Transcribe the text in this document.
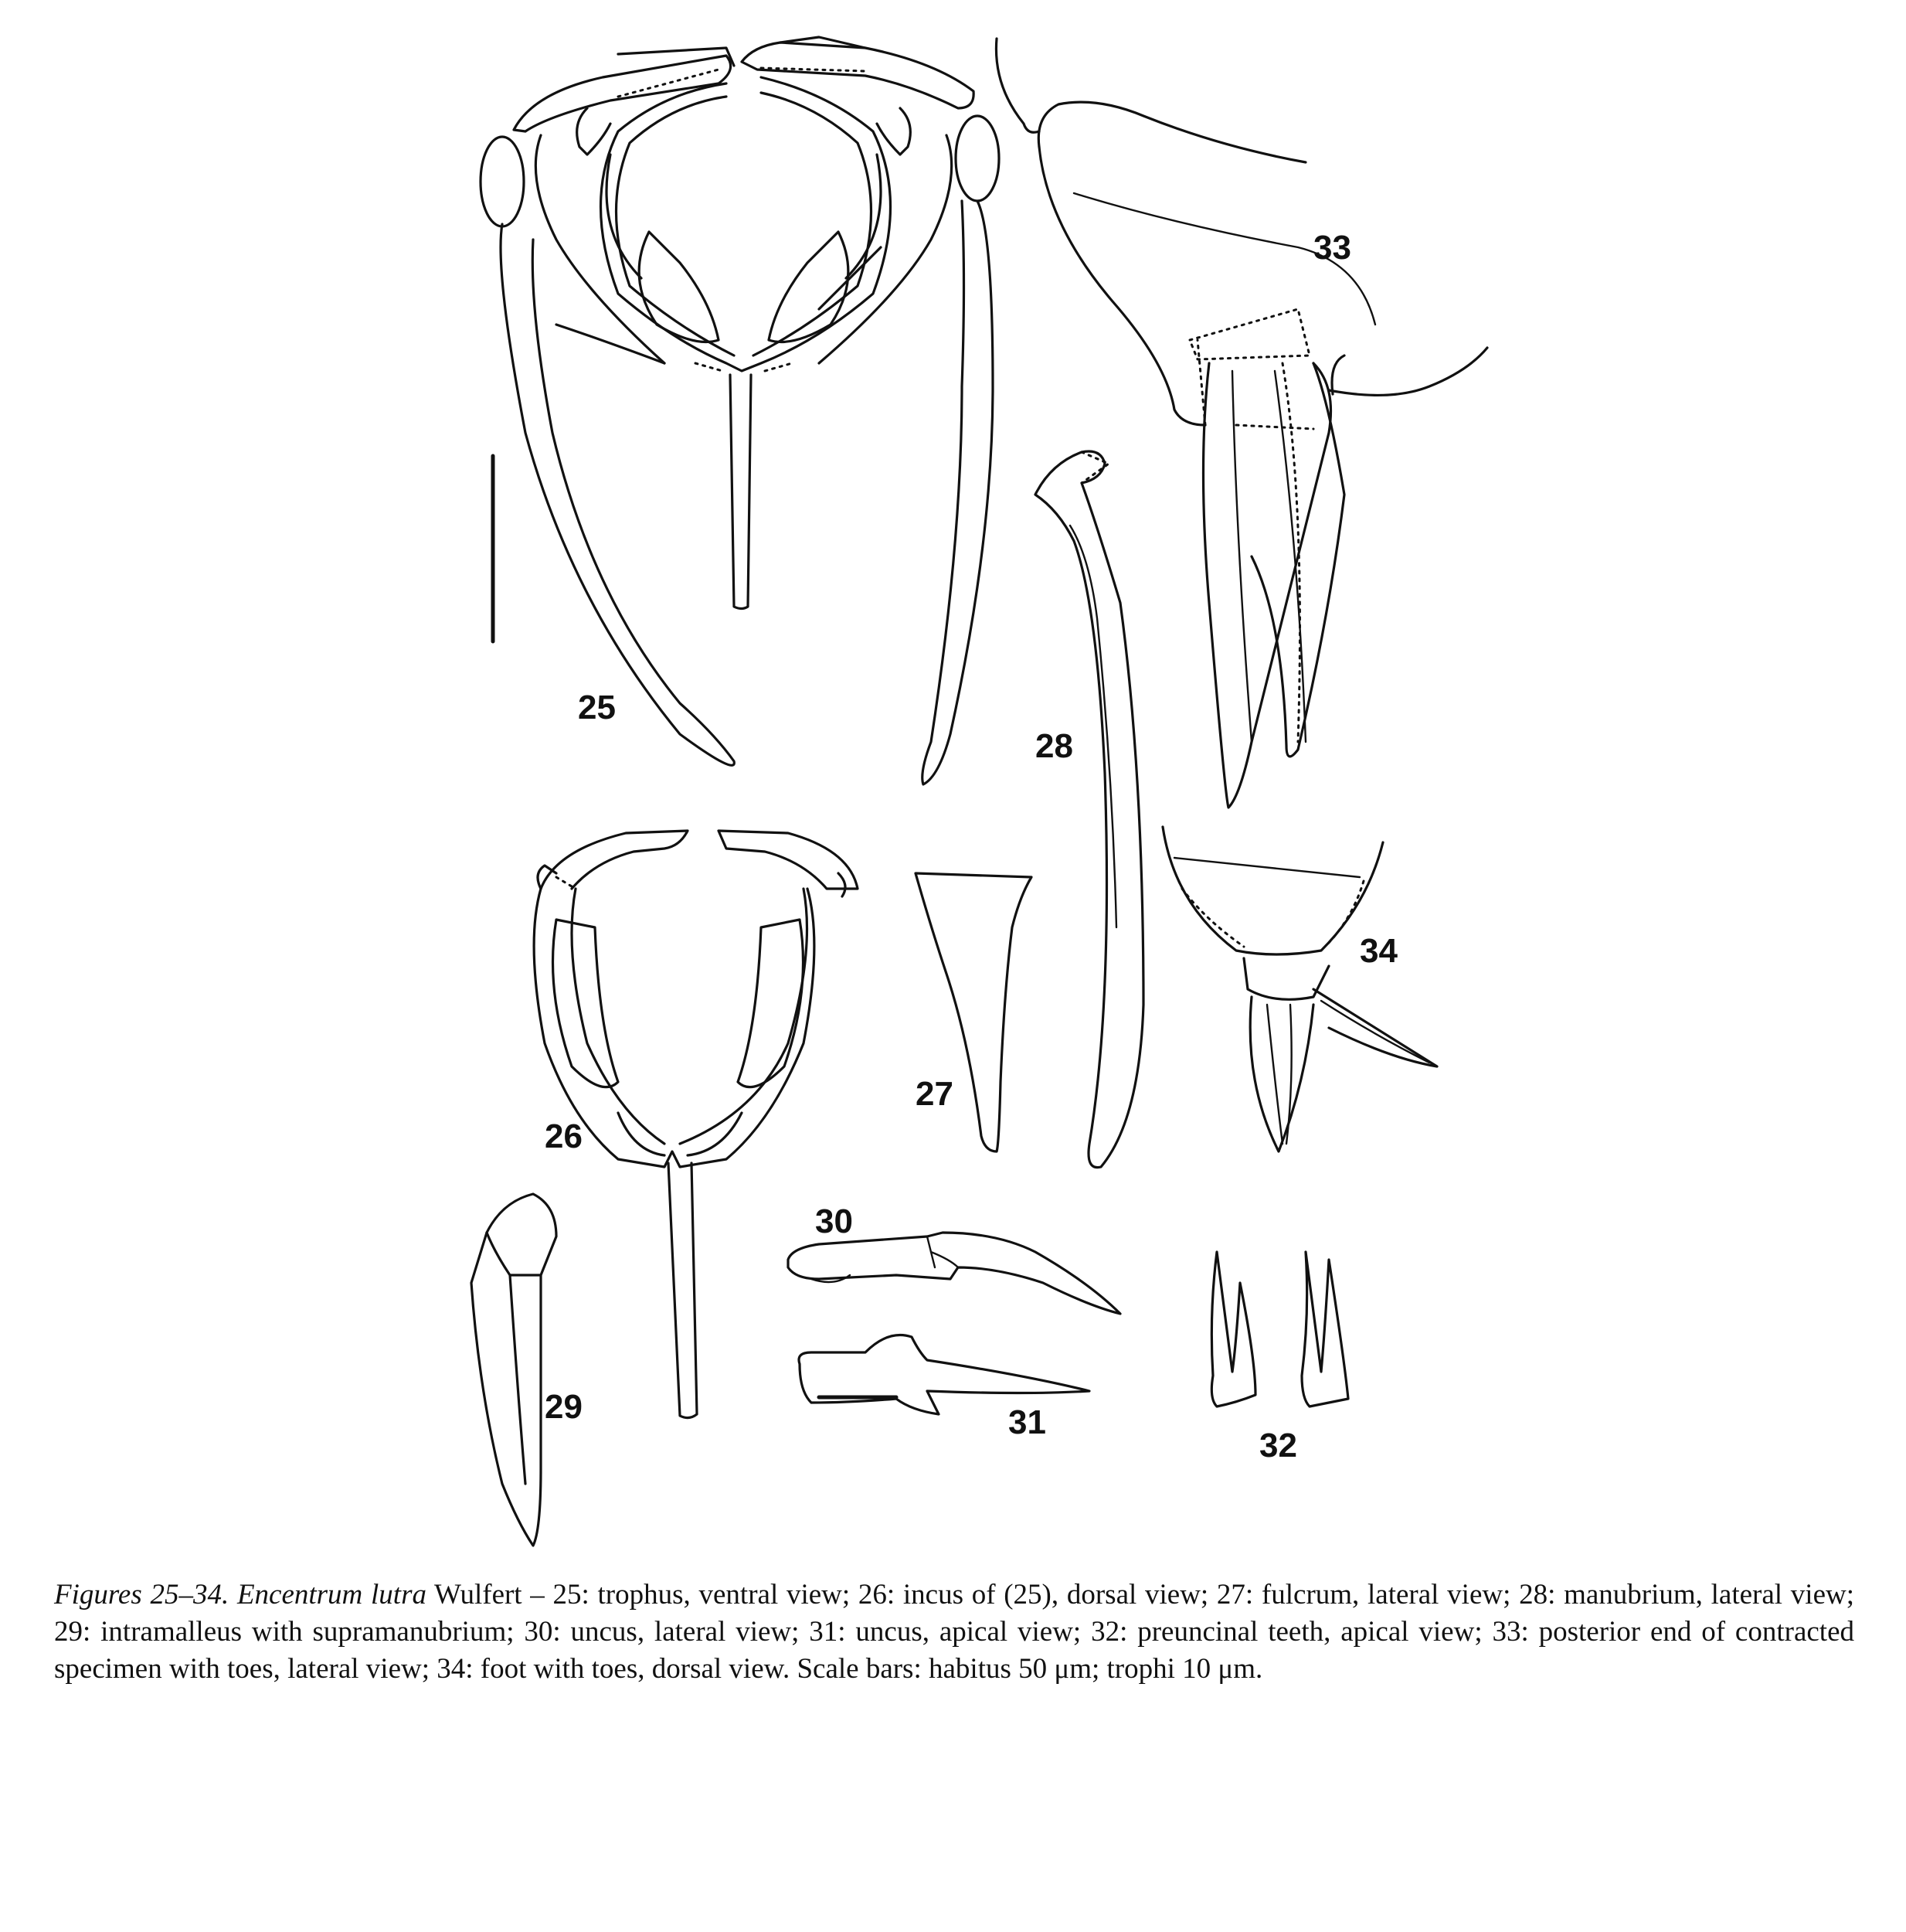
25
26
27
28
29
30
31
32
33
34
Figures 25–34. Encentrum lutra Wulfert – 25: trophus, ventral view; 26: incus of (25), dorsal view; 27: fulcrum, lateral view; 28: manubrium, lateral view; 29: intramalleus with supramanubrium; 30: uncus, lateral view; 31: uncus, apical view; 32: preuncinal teeth, apical view; 33: posterior end of contracted specimen with toes, lateral view; 34: foot with toes, dorsal view. Scale bars: habitus 50 μm; trophi 10 μm.
